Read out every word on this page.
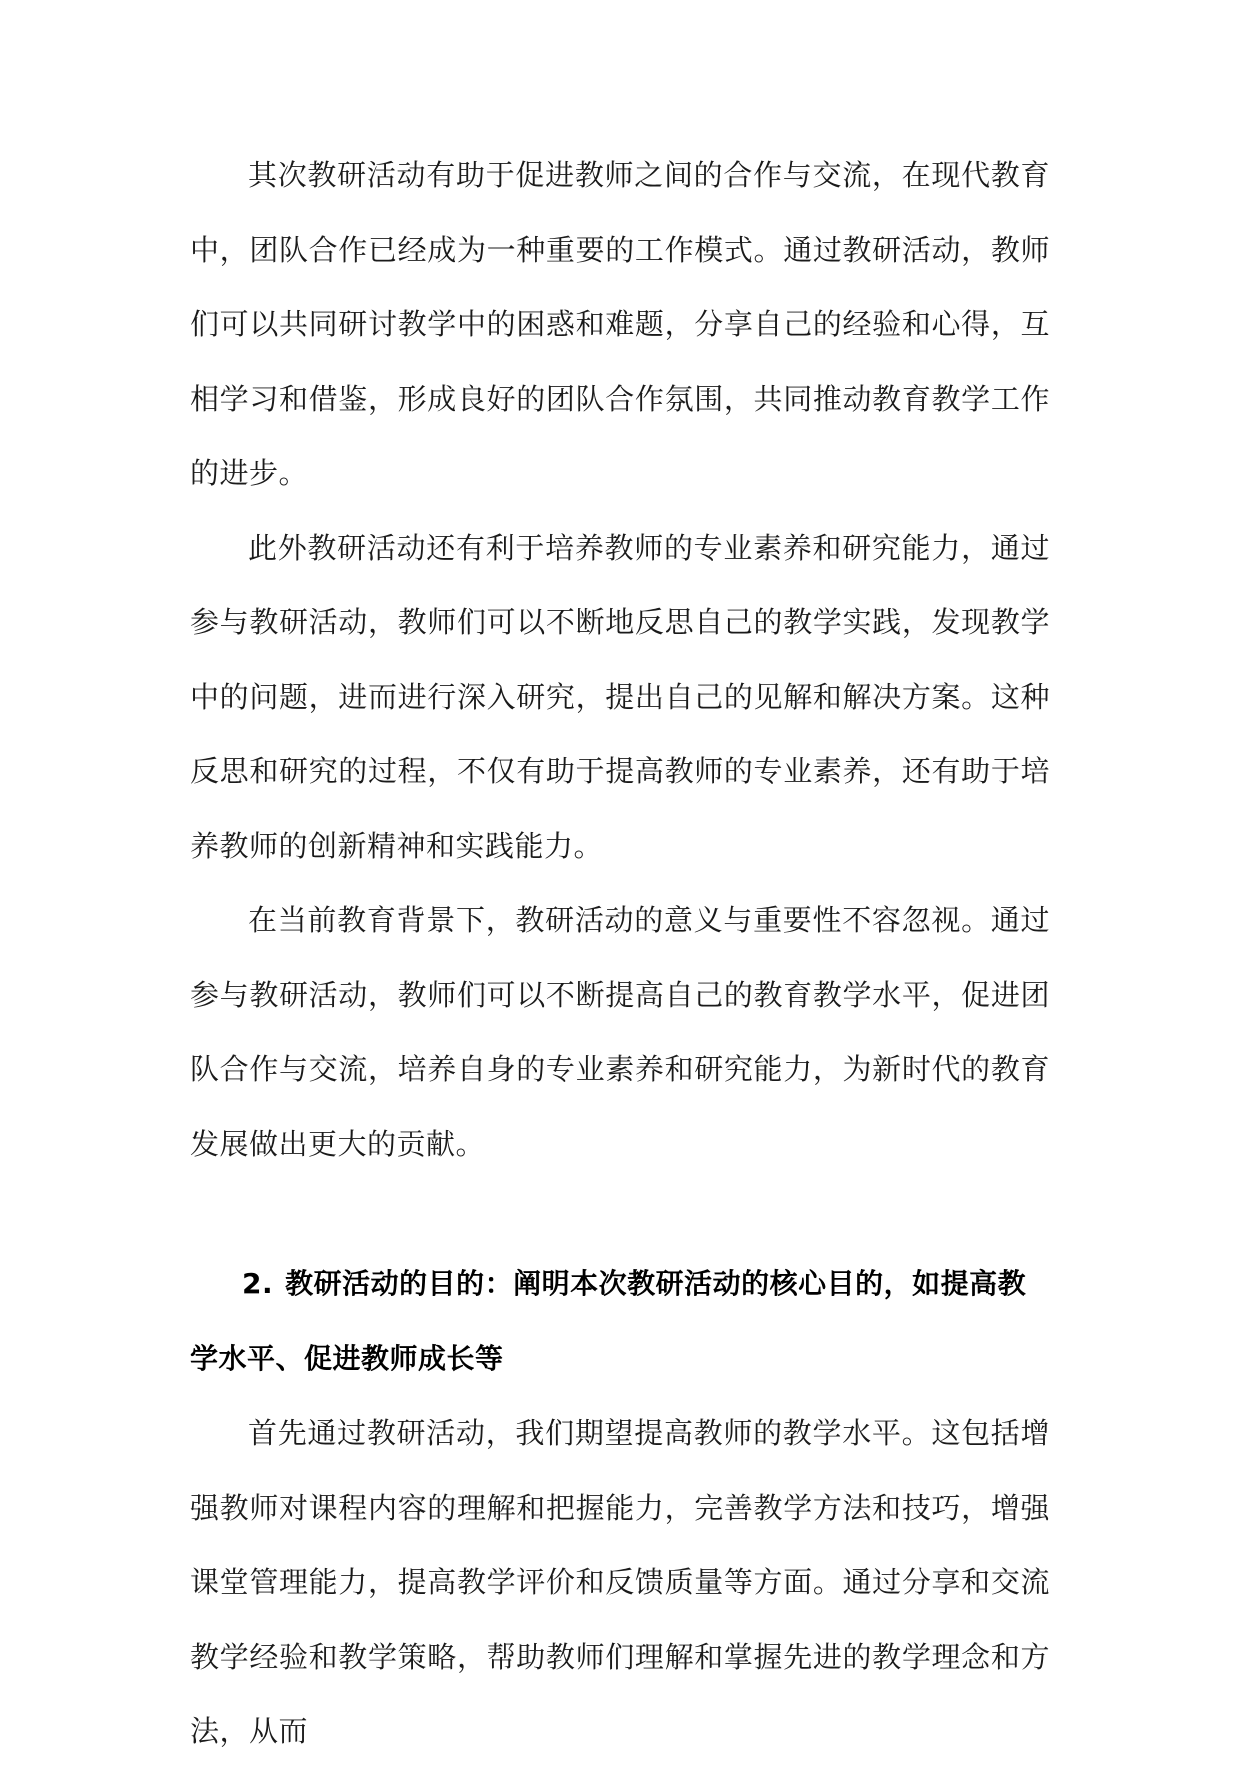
其次教研活动有助于促进教师之间的合作与交流，在现代教育中，团队合作已经成为一种重要的工作模式。通过教研活动，教师们可以共同研讨教学中的困惑和难题，分享自己的经验和心得，互相学习和借鉴，形成良好的团队合作氛围，共同推动教育教学工作的进步。

此外教研活动还有利于培养教师的专业素养和研究能力，通过参与教研活动，教师们可以不断地反思自己的教学实践，发现教学中的问题，进而进行深入研究，提出自己的见解和解决方案。这种反思和研究的过程，不仅有助于提高教师的专业素养，还有助于培养教师的创新精神和实践能力。

在当前教育背景下，教研活动的意义与重要性不容忽视。通过参与教研活动，教师们可以不断提高自己的教育教学水平，促进团队合作与交流，培养自身的专业素养和研究能力，为新时代的教育发展做出更大的贡献。

2. 教研活动的目的：阐明本次教研活动的核心目的，如提高教学水平、促进教师成长等

首先通过教研活动，我们期望提高教师的教学水平。这包括增强教师对课程内容的理解和把握能力，完善教学方法和技巧，增强课堂管理能力，提高教学评价和反馈质量等方面。通过分享和交流教学经验和教学策略，帮助教师们理解和掌握先进的教学理念和方法，从而
